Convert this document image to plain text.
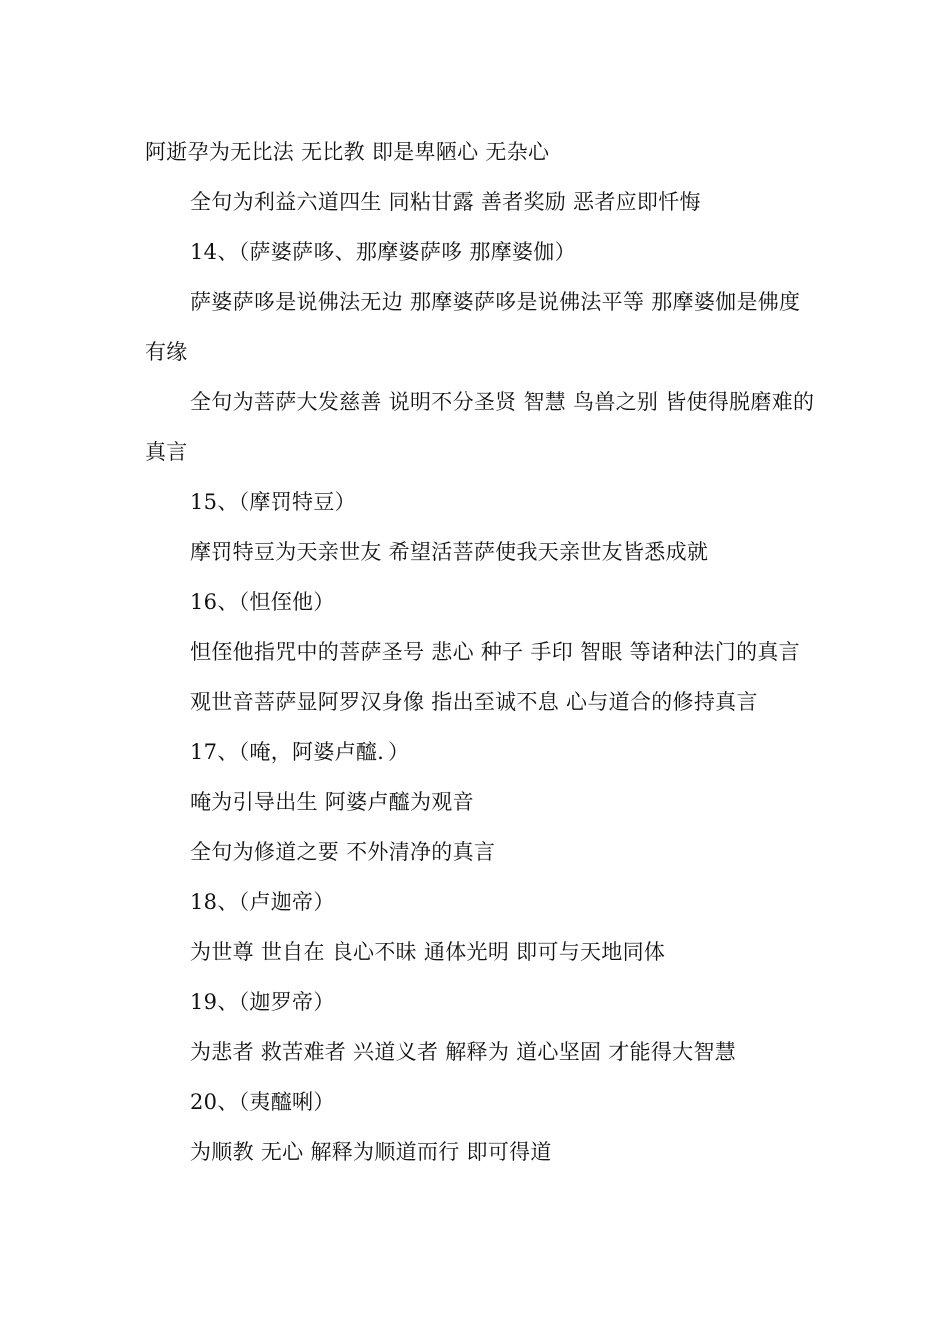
阿逝孕为无比法 无比教 即是卑陋心 无杂心

全句为利益六道四生 同粘甘露 善者奖励 恶者应即忏悔

14、（萨婆萨哆、那摩婆萨哆 那摩婆伽）

萨婆萨哆是说佛法无边 那摩婆萨哆是说佛法平等 那摩婆伽是佛度有缘

全句为菩萨大发慈善 说明不分圣贤 智慧 鸟兽之别 皆使得脱磨难的真言

15、（摩罚特豆）

摩罚特豆为天亲世友 希望活菩萨使我天亲世友皆悉成就

16、（怛侄他）

怛侄他指咒中的菩萨圣号 悲心 种子 手印 智眼 等诸种法门的真言

观世音菩萨显阿罗汉身像 指出至诚不息 心与道合的修持真言

17、（唵，阿婆卢醯．）

唵为引导出生 阿婆卢醯为观音

全句为修道之要 不外清净的真言

18、（卢迦帝）

为世尊 世自在 良心不昧 通体光明 即可与天地同体

19、（迦罗帝）

为悲者 救苦难者 兴道义者 解释为 道心坚固 才能得大智慧

20、（夷醯唎）

为顺教 无心 解释为顺道而行 即可得道
